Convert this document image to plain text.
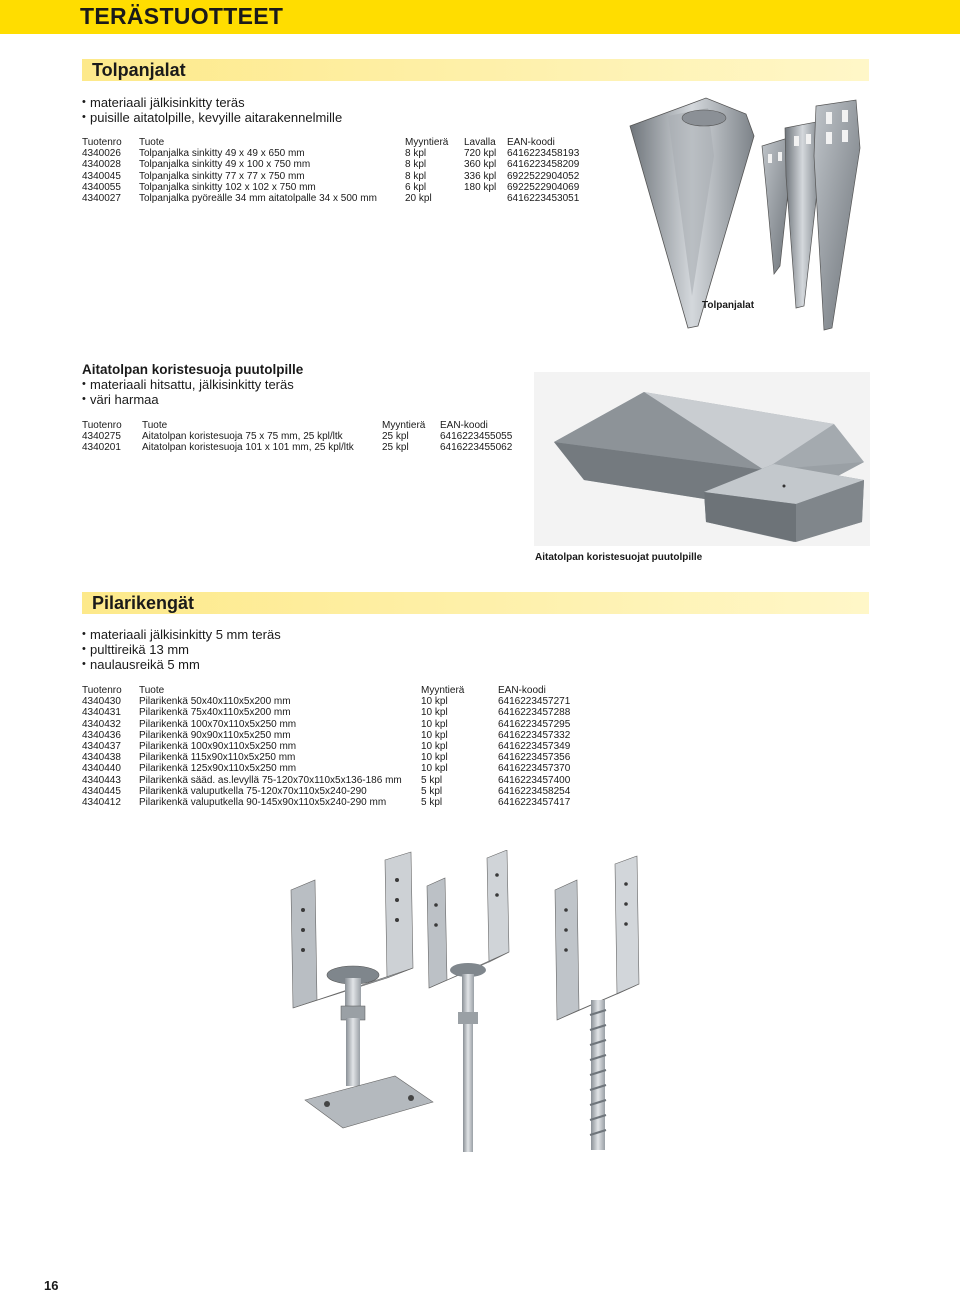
TERÄSTUOTTEET
Tolpanjalat
• materiaali jälkisinkitty teräs
• puisille aitatolpille, kevyille aitarakennelmille
Tuotenro	Tuote	Myyntierä	Lavalla	EAN-koodi
4340026	Tolpanjalka sinkitty 49 x 49 x 650 mm	8 kpl	720 kpl	6416223458193
4340028	Tolpanjalka sinkitty 49 x 100 x 750 mm	8 kpl	360 kpl	6416223458209
4340045	Tolpanjalka sinkitty 77 x 77 x 750 mm	8 kpl	336 kpl	6922522904052
4340055	Tolpanjalka sinkitty 102 x 102 x 750 mm	6 kpl	180 kpl	6922522904069
4340027	Tolpanjalka pyöreälle 34 mm aitatolpalle 34 x 500 mm	20 kpl		6416223453051
Tolpanjalat
Aitatolpan koristesuoja puutolpille
• materiaali hitsattu, jälkisinkitty teräs
• väri harmaa
Tuotenro	Tuote	Myyntierä	EAN-koodi
4340275	Aitatolpan koristesuoja 75 x 75 mm, 25 kpl/ltk	25 kpl	6416223455055
4340201	Aitatolpan koristesuoja 101 x 101 mm, 25 kpl/ltk	25 kpl	6416223455062
Aitatolpan koristesuojat puutolpille
Pilarikengät
• materiaali jälkisinkitty 5 mm teräs
• pulttireikä 13 mm
• naulausreikä 5 mm
Tuotenro	Tuote	Myyntierä	EAN-koodi
4340430	Pilarikenkä 50x40x110x5x200 mm	10 kpl	6416223457271
4340431	Pilarikenkä 75x40x110x5x200 mm	10 kpl	6416223457288
4340432	Pilarikenkä 100x70x110x5x250 mm	10 kpl	6416223457295
4340436	Pilarikenkä 90x90x110x5x250 mm	10 kpl	6416223457332
4340437	Pilarikenkä 100x90x110x5x250 mm	10 kpl	6416223457349
4340438	Pilarikenkä 115x90x110x5x250 mm	10 kpl	6416223457356
4340440	Pilarikenkä 125x90x110x5x250 mm	10 kpl	6416223457370
4340443	Pilarikenkä sääd. as.levyllä 75-120x70x110x5x136-186 mm	5 kpl	6416223457400
4340445	Pilarikenkä valuputkella 75-120x70x110x5x240-290	5 kpl	6416223458254
4340412	Pilarikenkä valuputkella 90-145x90x110x5x240-290 mm	5 kpl	6416223457417
16
